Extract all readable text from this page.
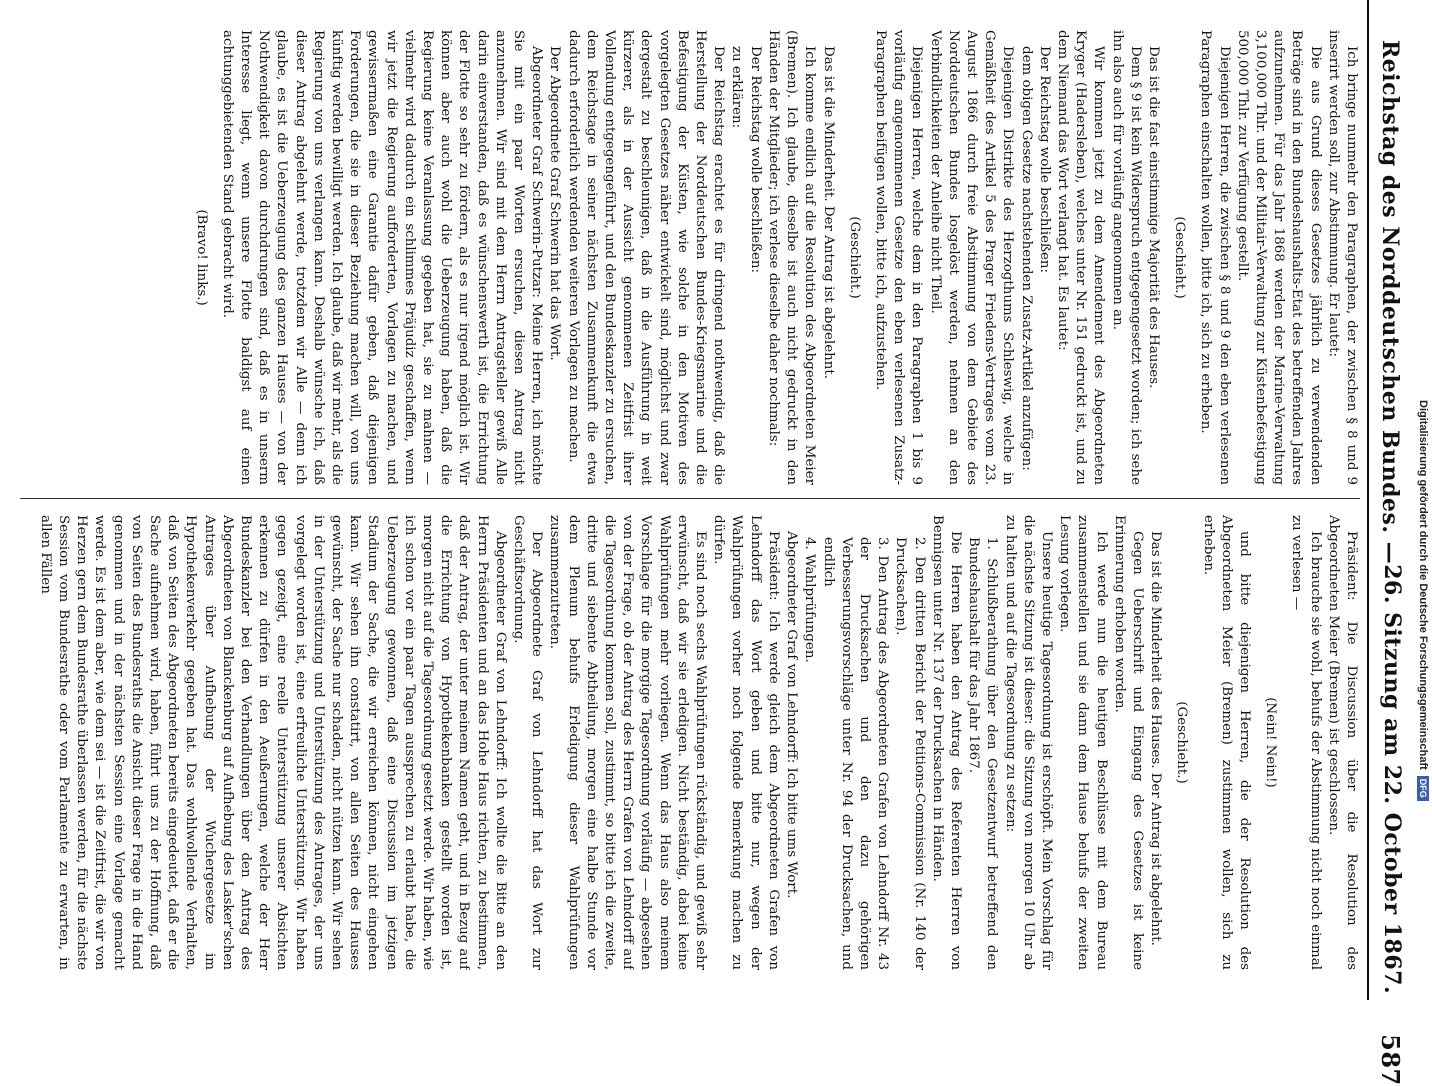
Digitalisierung gefördert durch die Deutsche Forschungsgemeinschaft
DFG
Reichstag des Norddeutschen Bundes. —
26. Sitzung am 22. October 1867.
587

Ich bringe nunmehr den Paragraphen, der zwischen § 8 und 9 inserirt werden soll, zur Abstimmung. Er lautet:

Die aus Grund dieses Gesetzes jährlich zu verwendenden Beträge sind in den Bundeshaushalts-Etat des betreffenden Jahres aufzunehmen. Für das Jahr 1868 werden der Marine-Verwaltung 3,100,000 Thlr. und der Militair-Verwaltung zur Küstenbefestigung 500,000 Thlr. zur Verfügung gestellt.

Diejenigen Herren, die zwischen § 8 und 9 den eben verlesenen Paragraphen einschalten wollen, bitte ich, sich zu erheben.

(Geschieht.)

Das ist die fast einstimmige Majorität des Hauses.

Dem § 9 ist kein Widerspruch entgegengesetzt worden; ich sehe ihn also auch für vorläufig angenommen an.

Wir kommen jetzt zu dem Amendement des Abgeordneten Kryger (Hadersleben), welches unter Nr. 151 gedruckt ist, und zu dem Niemand das Wort verlangt hat. Es lautet:

Der Reichstag wolle beschließen:

dem obigen Gesetze nachstehenden Zusatz-Artikel anzufügen:

Diejenigen Distrikte des Herzogthums Schleswig, welche in Gemäßheit des Artikel 5 des Prager Friedens-Vertrages vom 23. August 1866 durch freie Abstimmung von dem Gebiete des Norddeutschen Bundes losgelöst werden, nehmen an den Verbindlichkeiten der Anleihe nicht Theil.

Diejenigen Herren, welche dem in den Paragraphen 1 bis 9 vorläufig angenommenen Gesetze den eben verlesenen Zusatz-Paragraphen beifügen wollen, bitte ich, aufzustehen.

(Geschieht.)

Das ist die Minderheit. Der Antrag ist abgelehnt.

Ich komme endlich auf die Resolution des Abgeordneten Meier (Bremen). Ich glaube, dieselbe ist auch nicht gedruckt in den Händen der Mitglieder; ich verlese dieselbe daher nochmals:

Der Reichstag wolle beschließen:

zu erklären:

Der Reichstag erachtet es für dringend nothwendig, daß die Herstellung der Norddeutschen Bundes-Kriegsmarine und die Befestigung der Küsten, wie solche in den Motiven des vorgelegten Gesetzes näher entwickelt sind, möglichst und zwar dergestalt zu beschleunigen, daß in die Ausführung in weit kürzerer, als in der Aussicht genommenen Zeitfrist ihrer Vollendung entgegengeführt, und den Bundeskanzler zu ersuchen, dem Reichstage in seiner nächsten Zusammenkunft die etwa dadurch erforderlich werdenden weiteren Vorlagen zu machen.

Der Abgeordnete Graf Schwerin hat das Wort.

Abgeordneter Graf Schwerin-Putzar: Meine Herren, ich möchte Sie mit ein paar Worten ersuchen, diesen Antrag nicht anzunehmen. Wir sind mit dem Herrn Antragsteller gewiß Alle darin einverstanden, daß es wünschenswerth ist, die Errichtung der Flotte so sehr zu fördern, als es nur irgend möglich ist. Wir können aber auch wohl die Ueberzeugung haben, daß die Regierung keine Veranlassung gegeben hat, sie zu mahnen — vielmehr wird dadurch ein schlimmes Präjudiz geschaffen, wenn wir jetzt die Regierung aufforderten, Vorlagen zu machen, und gewissermaßen eine Garantie dafür geben, daß diejenigen Forderungen, die sie in dieser Beziehung machen will, von uns künftig werden bewilligt werden. Ich glaube, daß wir mehr, als die Regierung von uns verlangen kann. Deshalb wünsche ich, daß dieser Antrag abgelehnt werde, trotzdem wir Alle — denn ich glaube, es ist die Ueberzeugung des ganzen Hauses — von der Nothwendigkeit davon durchdrungen sind, daß es in unserm Interesse liegt, wenn unsere Flotte baldigst auf einen achtunggebietenden Stand gebracht wird.

(Bravo! links.)

Präsident: Die Discussion über die Resolution des Abgeordneten Meier (Bremen) ist geschlossen.

Ich brauche sie wohl, behufs der Abstimmung nicht noch einmal zu verlesen —

(Nein! Nein!)

und bitte diejenigen Herren, die der Resolution des Abgeordneten Meier (Bremen) zustimmen wollen, sich zu erheben.

(Geschieht.)

Das ist die Minderheit des Hauses. Der Antrag ist abgelehnt.

Gegen Ueberschrift und Eingang des Gesetzes ist keine Erinnerung erhoben worden.

Ich werde nun die heutigen Beschlüsse mit dem Bureau zusammenstellen und sie dann dem Hause behufs der zweiten Lesung vorlegen.

Unsere heutige Tagesordnung ist erschöpft. Mein Vorschlag für die nächste Sitzung ist dieser: die Sitzung von morgen 10 Uhr ab zu halten und auf die Tagesordnung zu setzen:

1. Schlußberathung über den Gesetzentwurf betreffend den Bundeshaushalt für das Jahr 1867.

Die Herren haben den Antrag des Referenten Herren von Bennigsen unter Nr. 137 der Drucksachen in Händen.

2. Den dritten Bericht der Petitions-Commission (Nr. 140 der Drucksachen).

3. Den Antrag des Abgeordneten Grafen von Lehndorff Nr. 43 der Drucksachen und den dazu gehörigen Verbesserungsvorschläge unter Nr. 94 der Drucksachen, und endlich

4. Wahlprüfungen.

Abgeordneter Graf von Lehndorff: Ich bitte ums Wort.

Präsident: Ich werde gleich dem Abgeordneten Grafen von Lehndorff das Wort geben und bitte nur, wegen der Wahlprüfungen vorher noch folgende Bemerkung machen zu dürfen.

Es sind noch sechs Wahlprüfungen rückständig, und gewiß sehr erwünscht, daß wir sie erledigen. Nicht beständig, dabei keine Wahlprüfungen mehr vorliegen. Wenn das Haus also meinem Vorschlage für die morgige Tagesordnung vorläufig — abgesehen von der Frage, ob der Antrag des Herrn Grafen von Lehndorff auf die Tagesordnung kommen soll, zustimmt, so bitte ich die zweite, dritte und siebente Abtheilung, morgen eine halbe Stunde vor dem Plenum behufs Erledigung dieser Wahlprüfungen zusammenzutreten.

Der Abgeordnete Graf von Lehndorff hat das Wort zur Geschäftsordnung.

Abgeordneter Graf von Lehndorff: Ich wollte die Bitte an den Herrn Präsidenten und an das Hohe Haus richten, zu bestimmen, daß der Antrag, der unter meinem Namen geht, und in Bezug auf die Errichtung von Hypothekenbanken gestellt worden ist, morgen nicht auf die Tagesordnung gesetzt werde. Wir haben, wie ich schon vor ein paar Tagen aussprechen zu erlaubt habe, die Ueberzeugung gewonnen, daß eine Discussion im jetzigen Stadium der Sache, die wir erreichen können, nicht eingehen kann. Wir sehen ihn constatirt, von allen Seiten des Hauses gewünscht, der Sache nur schaden, nicht nützen kann. Wir sehen in der Unterstützung und Unterstützung des Antrages, der uns vorgelegt worden ist, eine erfreuliche Unterstützung. Wir haben gegen gezeigt, eine reelle Unterstützung unserer Absichten erkennen zu dürfen in den Aeußerungen, welche der Herr Bundeskanzler bei den Verhandlungen über den Antrag des Abgeordneten von Blanckenburg auf Aufhebung des Lasker'schen Antrages über Aufhebung der Wuchergesetze im Hypothekenverkehr gegeben hat. Das wohlwollende Verhalten, daß von Seiten des Abgeordneten bereits eingedeutet, daß er die Sache aufnehmen wird, haben, führt uns zu der Hoffnung, daß von Seiten des Bundesraths die Ansicht dieser Frage in die Hand genommen und in der nächsten Session eine Vorlage gemacht werde. Es ist dem aber, wie dem sei — ist die Zeitfrist, die wir von Herzen gern dem Bundesrathe überlassen werden, für die nächste Session vom Bundesrathe oder vom Parlamente zu erwarten, in allen Fällen
